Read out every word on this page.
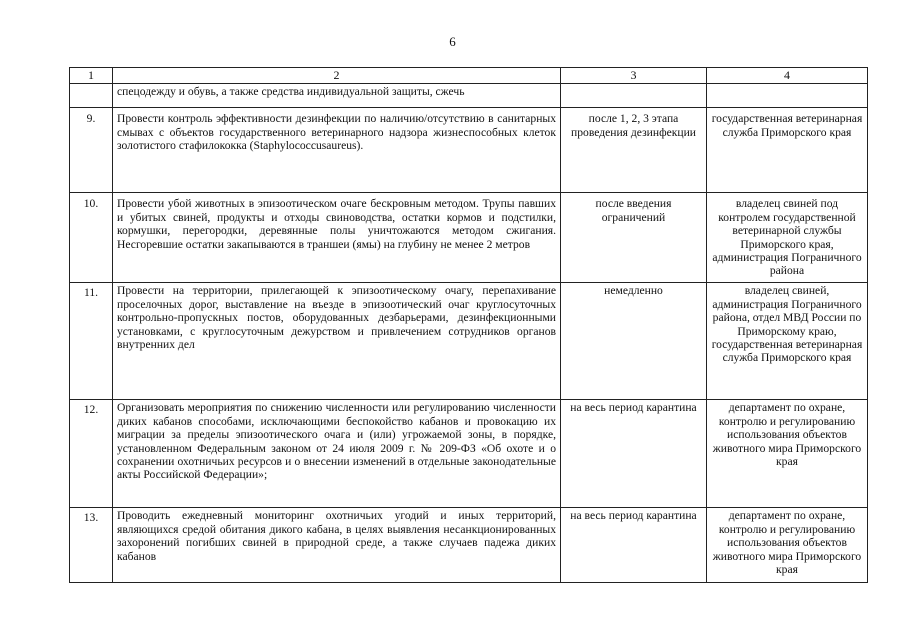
6
1	2	3	4
	спецодежду и обувь, а также средства индивидуальной защиты, сжечь		
9.	Провести контроль эффективности дезинфекции по наличию/отсутствию в санитарных смывах с объектов государственного ветеринарного надзора жизнеспособных клеток золотистого стафилококка (Staphylococcusaureus).	после 1, 2, 3 этапа проведения дезинфекции	государственная ветеринарная служба Приморского края
10.	Провести убой животных в эпизоотическом очаге бескровным методом. Трупы павших и убитых свиней, продукты и отходы свиноводства, остатки кормов и подстилки, кормушки, перегородки, деревянные полы уничтожаются методом сжигания. Несгоревшие остатки закапываются в траншеи (ямы) на глубину не менее 2 метров	после введения ограничений	владелец свиней под контролем государственной ветеринарной службы Приморского края, администрация Пограничного района
11.	Провести на территории, прилегающей к эпизоотическому очагу, перепахивание проселочных дорог, выставление на въезде в эпизоотический очаг круглосуточных контрольно-пропускных постов, оборудованных дезбарьерами, дезинфекционными установками, с круглосуточным дежурством и привлечением сотрудников органов внутренних дел	немедленно	владелец свиней, администрация Пограничного района, отдел МВД России по Приморскому краю, государственная ветеринарная служба Приморского края
12.	Организовать мероприятия по снижению численности или регулированию численности диких кабанов способами, исключающими беспокойство кабанов и провокацию их миграции за пределы эпизоотического очага и (или) угрожаемой зоны, в порядке, установленном Федеральным законом от 24 июля 2009 г. № 209-ФЗ «Об охоте и о сохранении охотничьих ресурсов и о внесении изменений в отдельные законодательные акты Российской Федерации»;	на весь период карантина	департамент по охране, контролю и регулированию использования объектов животного мира Приморского края
13.	Проводить ежедневный мониторинг охотничьих угодий и иных территорий, являющихся средой обитания дикого кабана, в целях выявления несанкционированных захоронений погибших свиней в природной среде, а также случаев падежа диких кабанов	на весь период карантина	департамент по охране, контролю и регулированию использования объектов животного мира Приморского края
